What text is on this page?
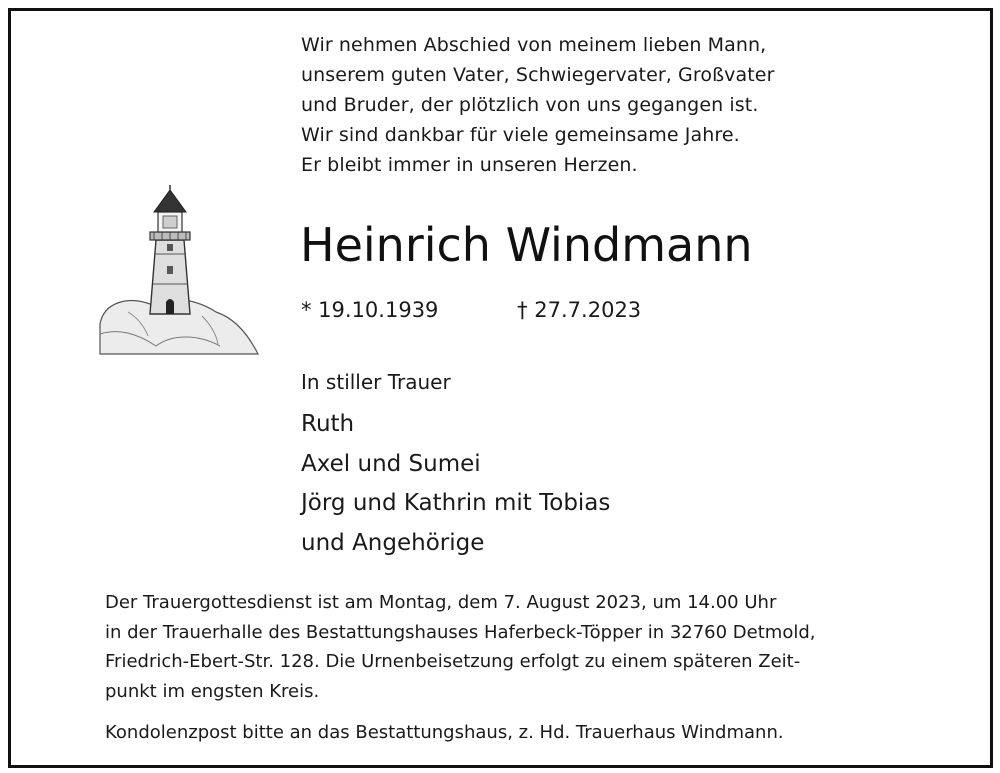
Wir nehmen Abschied von meinem lieben Mann,
unserem guten Vater, Schwiegervater, Großvater
und Bruder, der plötzlich von uns gegangen ist.
Wir sind dankbar für viele gemeinsame Jahre.
Er bleibt immer in unseren Herzen.
Heinrich Windmann
* 19.10.1939	† 27.7.2023
In stiller Trauer
Ruth
Axel und Sumei
Jörg und Kathrin mit Tobias
und Angehörige
Der Trauergottesdienst ist am Montag, dem 7. August 2023, um 14.00 Uhr
in der Trauerhalle des Bestattungshauses Haferbeck-Töpper in 32760 Detmold,
Friedrich-Ebert-Str. 128. Die Urnenbeisetzung erfolgt zu einem späteren Zeit-
punkt im engsten Kreis.
Kondolenzpost bitte an das Bestattungshaus, z. Hd. Trauerhaus Windmann.
